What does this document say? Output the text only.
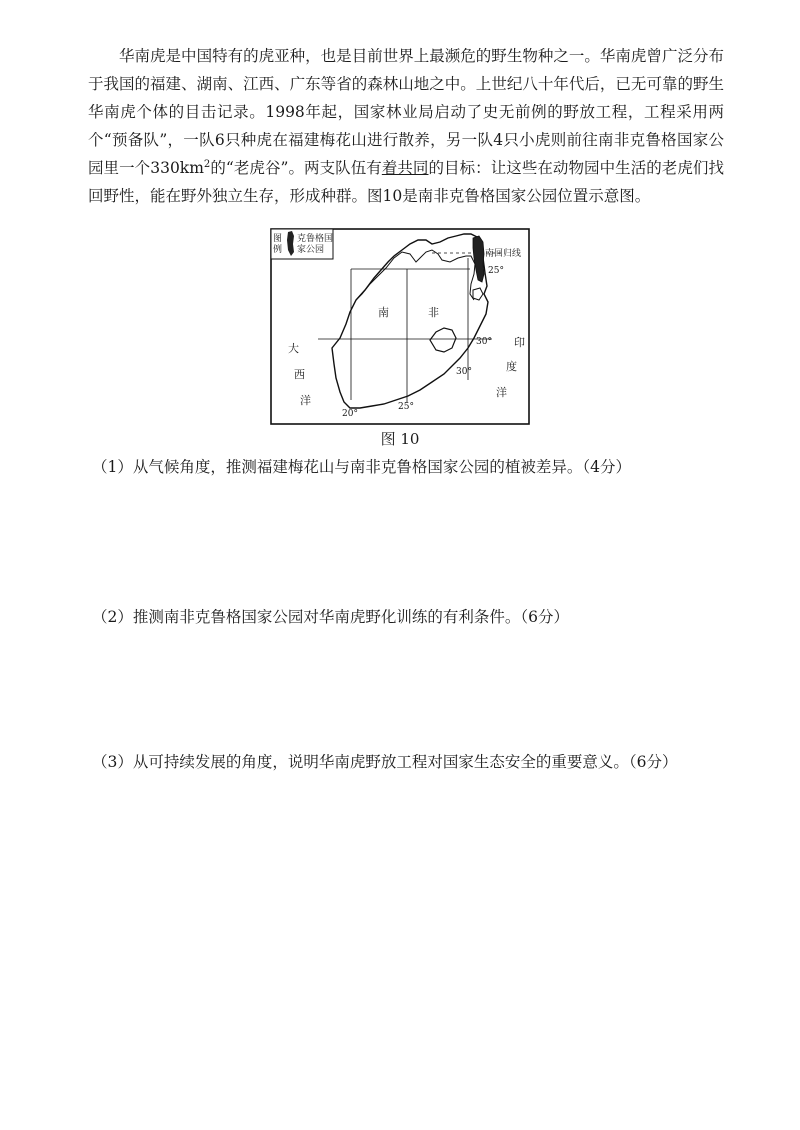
华南虎是中国特有的虎亚种，也是目前世界上最濒危的野生物种之一。华南虎曾广泛分布于我国的福建、湖南、江西、广东等省的森林山地之中。上世纪八十年代后，已无可靠的野生华南虎个体的目击记录。1998年起，国家林业局启动了史无前例的野放工程，工程采用两个“预备队”，一队6只种虎在福建梅花山进行散养，另一队4只小虎则前往南非克鲁格国家公园里一个$330km^2$的“老虎谷”。两支队伍有着共同的目标：让这些在动物园中生活的老虎们找回野性，能在野外独立生存，形成种群。图10是南非克鲁格国家公园位置示意图。

图
例
克鲁格国
家公园	南回归线
25°
30°
30°
20°
25°
南	非
大
西
洋
印
度
洋
图 10
（1）从气候角度，推测福建梅花山与南非克鲁格国家公园的植被差异。（4分）
（2）推测南非克鲁格国家公园对华南虎野化训练的有利条件。（6分）
（3）从可持续发展的角度，说明华南虎野放工程对国家生态安全的重要意义。（6分）
